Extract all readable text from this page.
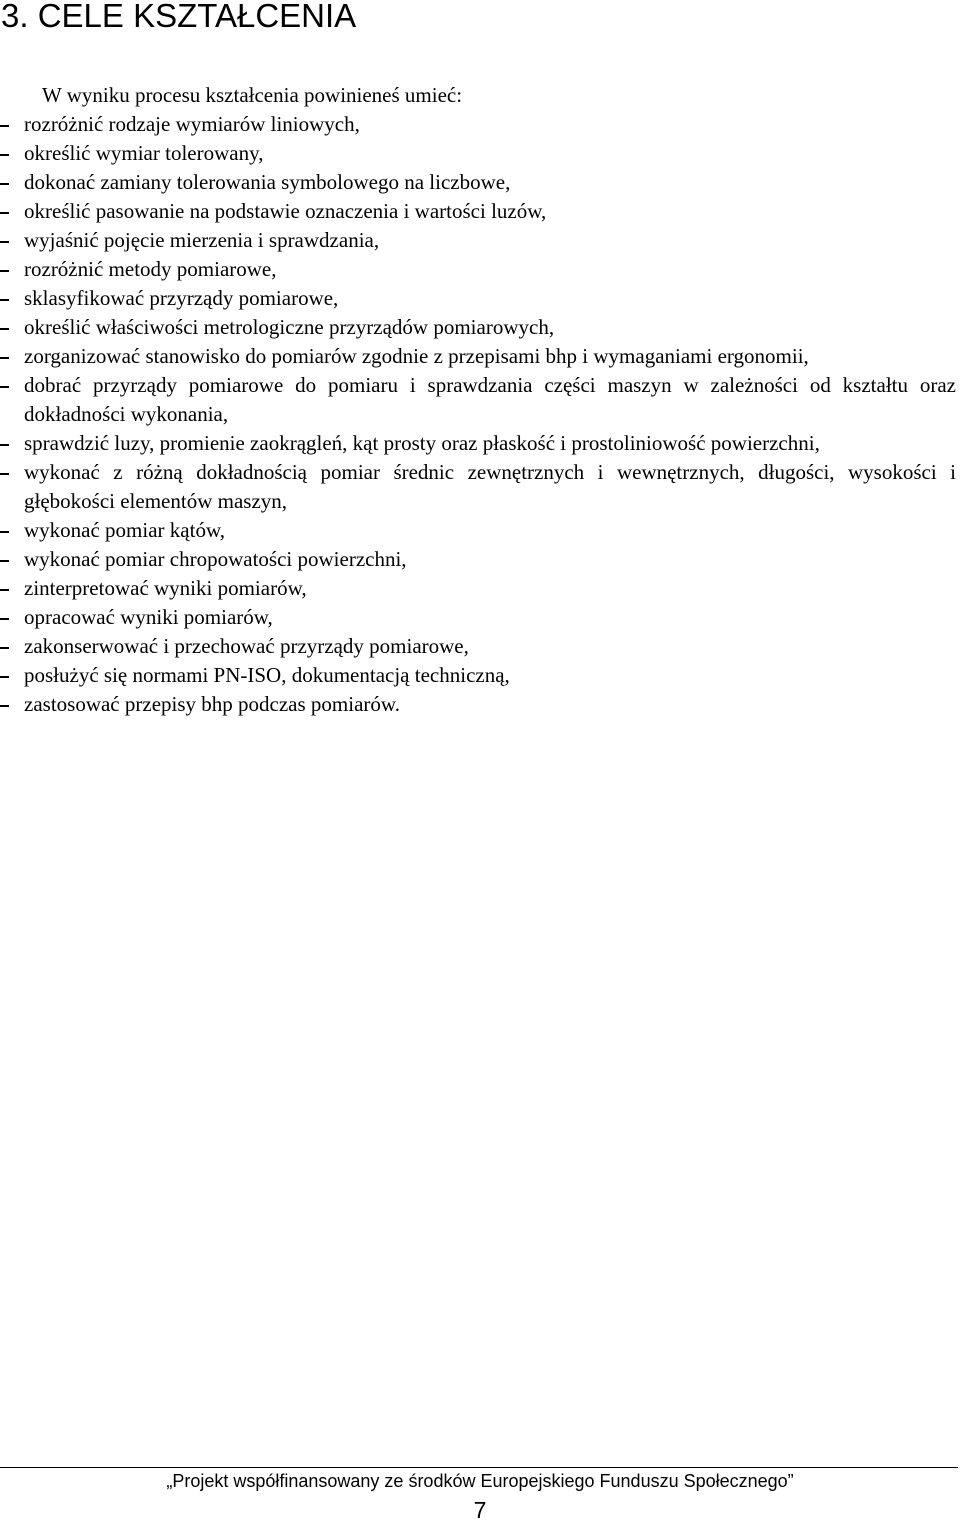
3. CELE KSZTAŁCENIA

W wyniku procesu kształcenia powinieneś umieć:

rozróżnić rodzaje wymiarów liniowych,
określić wymiar tolerowany,
dokonać zamiany tolerowania symbolowego na liczbowe,
określić pasowanie na podstawie oznaczenia i wartości luzów,
wyjaśnić pojęcie mierzenia i sprawdzania,
rozróżnić metody pomiarowe,
sklasyfikować przyrządy pomiarowe,
określić właściwości metrologiczne przyrządów pomiarowych,
zorganizować stanowisko do pomiarów zgodnie z przepisami bhp i wymaganiami ergonomii,
dobrać przyrządy pomiarowe do pomiaru i sprawdzania części maszyn w zależności od kształtu oraz dokładności wykonania,
sprawdzić luzy, promienie zaokrągleń, kąt prosty oraz płaskość i prostoliniowość powierzchni,
wykonać z różną dokładnością pomiar średnic zewnętrznych i wewnętrznych, długości, wysokości i głębokości elementów maszyn,
wykonać pomiar kątów,
wykonać pomiar chropowatości powierzchni,
zinterpretować wyniki pomiarów,
opracować wyniki pomiarów,
zakonserwować i przechować przyrządy pomiarowe,
posłużyć się normami PN-ISO, dokumentacją techniczną,
zastosować przepisy bhp podczas pomiarów.
„Projekt współfinansowany ze środków Europejskiego Funduszu Społecznego”
7
